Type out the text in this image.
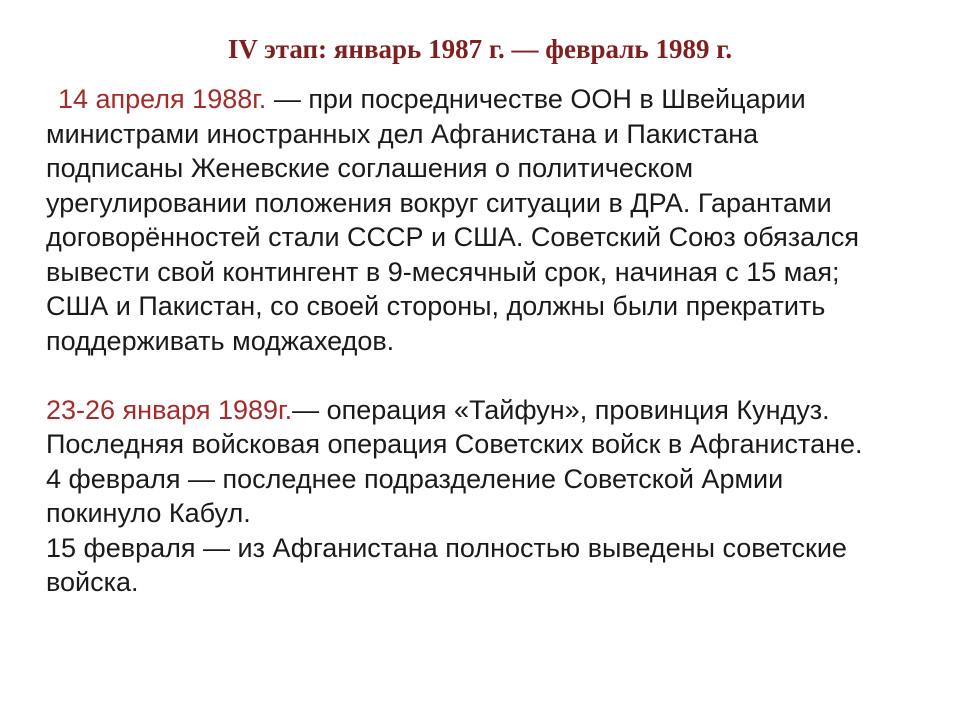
IV этап: январь 1987 г. — февраль 1989 г.
14 апреля 1988г. — при посредничестве ООН в Швейцарии
министрами иностранных дел Афганистана и Пакистана
подписаны Женевские соглашения о политическом
урегулировании положения вокруг ситуации в ДРА. Гарантами
договорённостей стали СССР и США. Советский Союз обязался
вывести свой контингент в 9-месячный срок, начиная с 15 мая;
США и Пакистан, со своей стороны, должны были прекратить
поддерживать моджахедов.
23-26 января 1989г.— операция «Тайфун», провинция Кундуз.
Последняя войсковая операция Советских войск в Афганистане.
4 февраля — последнее подразделение Советской Армии
покинуло Кабул.
15 февраля — из Афганистана полностью выведены советские
войска.
